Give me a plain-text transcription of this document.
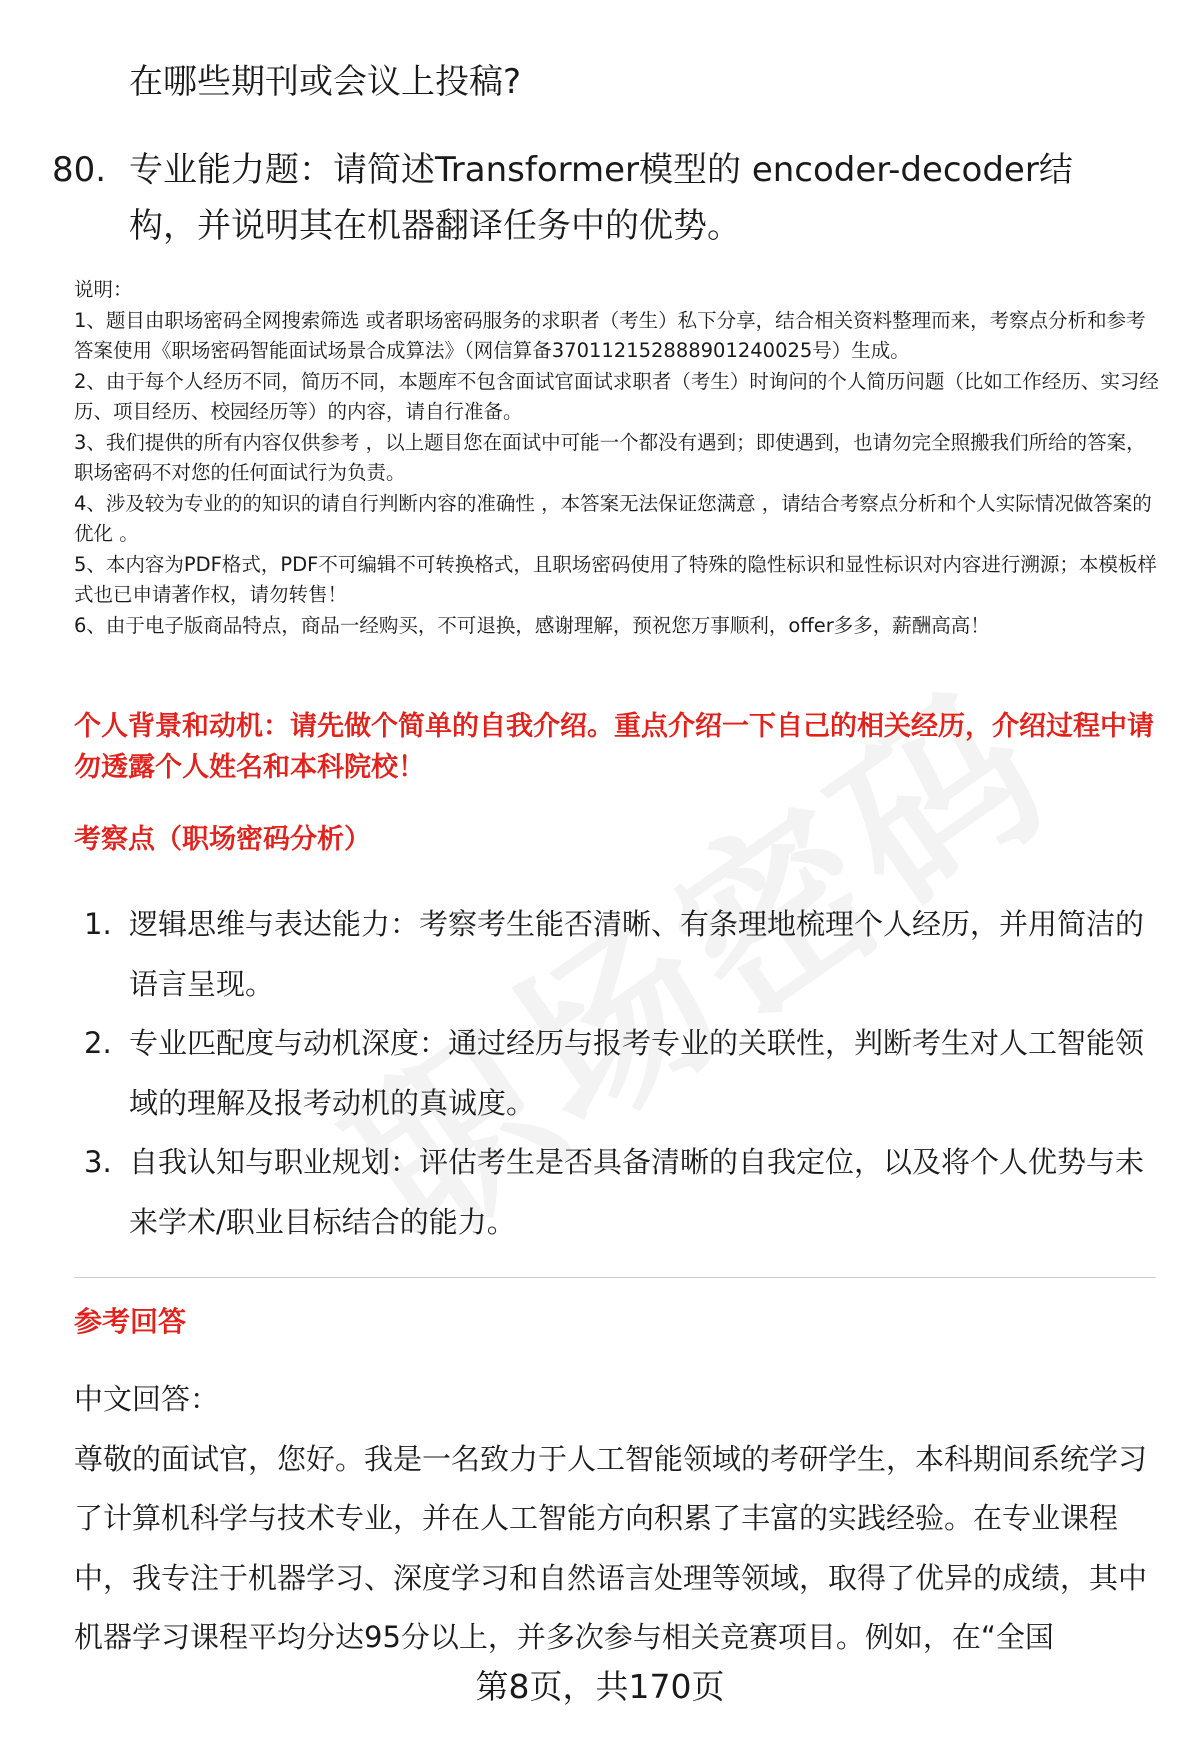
在哪些期刊或会议上投稿?
80. 专业能力题：请简述Transformer模型的 encoder-decoder结构，并说明其在机器翻译任务中的优势。

说明：

1、题目由职场密码全网搜索筛选 或者职场密码服务的求职者（考生）私下分享，结合相关资料整理而来，考察点分析和参考答案使用《职场密码智能面试场景合成算法》（网信算备370112152888901240025号）生成。

2、由于每个人经历不同，简历不同，本题库不包含面试官面试求职者（考生）时询问的个人简历问题（比如工作经历、实习经历、项目经历、校园经历等）的内容，请自行准备。

3、我们提供的所有内容仅供参考 ，以上题目您在面试中可能一个都没有遇到；即使遇到，也请勿完全照搬我们所给的答案，职场密码不对您的任何面试行为负责。

4、涉及较为专业的的知识的请自行判断内容的准确性 ，本答案无法保证您满意 ，请结合考察点分析和个人实际情况做答案的优化 。

5、本内容为PDF格式，PDF不可编辑不可转换格式，且职场密码使用了特殊的隐性标识和显性标识对内容进行溯源；本模板样式也已申请著作权，请勿转售！

6、由于电子版商品特点，商品一经购买，不可退换，感谢理解，预祝您万事顺利，offer多多，薪酬高高！

个人背景和动机：请先做个简单的自我介绍。重点介绍一下自己的相关经历，介绍过程中请勿透露个人姓名和本科院校！
考察点（职场密码分析）

1. 逻辑思维与表达能力：考察考生能否清晰、有条理地梳理个人经历，并用简洁的语言呈现。

2. 专业匹配度与动机深度：通过经历与报考专业的关联性，判断考生对人工智能领域的理解及报考动机的真诚度。

3. 自我认知与职业规划：评估考生是否具备清晰的自我定位，以及将个人优势与未来学术/职业目标结合的能力。

参考回答

中文回答：

尊敬的面试官，您好。我是一名致力于人工智能领域的考研学生，本科期间系统学习了计算机科学与技术专业，并在人工智能方向积累了丰富的实践经验。在专业课程中，我专注于机器学习、深度学习和自然语言处理等领域，取得了优异的成绩，其中机器学习课程平均分达95分以上，并多次参与相关竞赛项目。例如，在“全国

第8页，共170页
